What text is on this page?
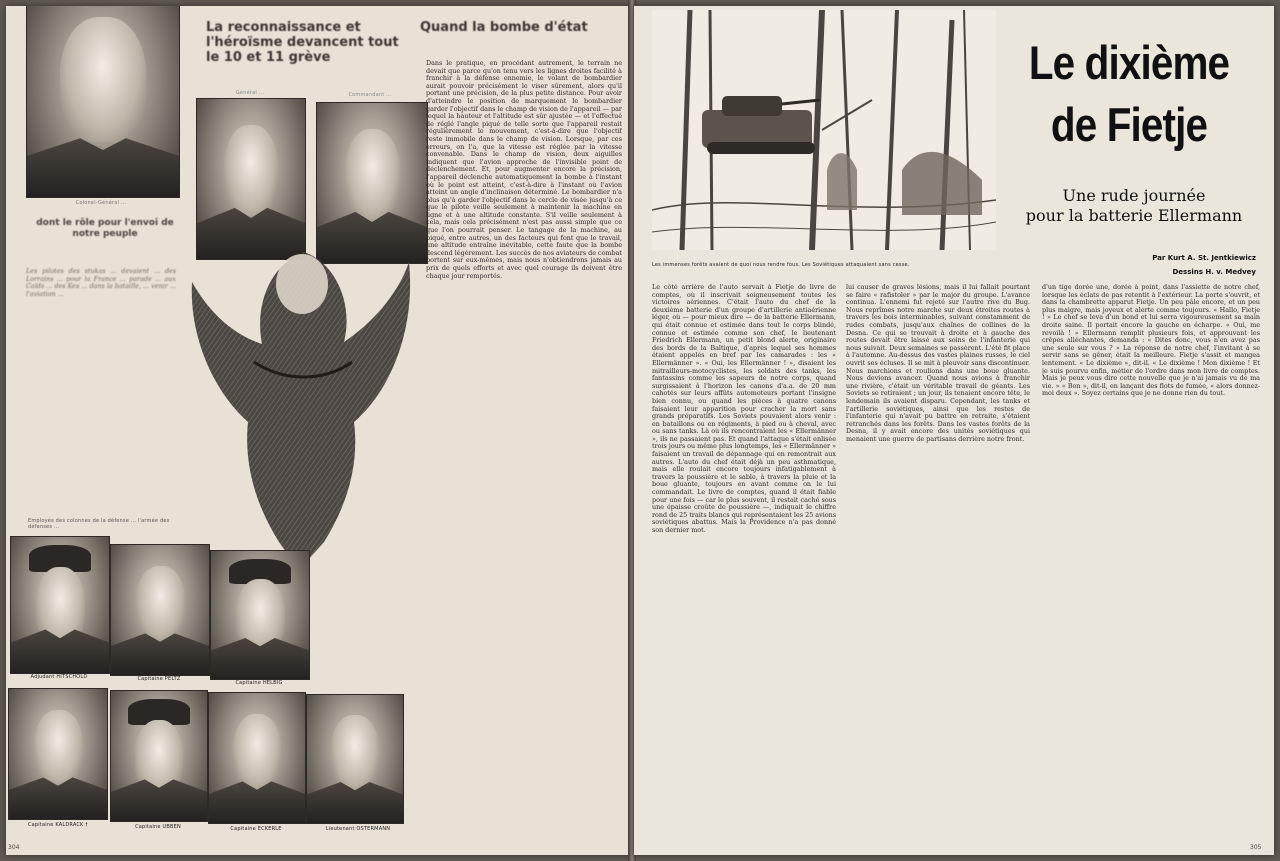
Colonel-Général ...
La reconnaissance et l'héroïsme devancent tout le 10 et 11 grève
Quand la bombe d'état
Général ...	Commandant ...
dont le rôle pour l'envoi de notre peuple
Les pilotes des stukas ... devaient ... des Lorrains ... pour la France ... parade ... aux Caïds ... des Kes ... dans la bataille, ... venir ... l'aviation ...
Employés des colonnes de la défense ... l'armée des défenses ...
Dans le pratique, en procédant autrement, le terrain ne devait que parce qu'on tenu vers les lignes droites facilité à franchir à la défense ennemie, le volant de bombardier aurait pouvoir précisément le viser sûrement, alors qu'il portant une précision, de la plus petite distance. Pour avoir d'atteindre le position de marquement le bombardier garder l'objectif dans le champ de vision de l'appareil — par lequel la hauteur et l'altitude est sûr ajustée — et l'effectué de réglé l'angle piqué de telle sorte que l'appareil restait régulièrement le mouvement, c'est-à-dire que l'objectif reste immobile dans le champ de vision. Lorsque, par ces erreurs, on l'a, que la vitesse est réglée par la vitesse convenable. Dans le champ de vision, deux aiguilles indiquent que l'avion approche de l'invisible point de déclenchement. Et, pour augmenter encore la précision, l'appareil déclenche automatiquement la bombe à l'instant où le point est atteint, c'est-à-dire à l'instant où l'avion atteint un angle d'inclinaison déterminé. Le bombardier n'a plus qu'à garder l'objectif dans le cercle de visée jusqu'à ce que le pilote veille seulement à maintenir la machine en ligne et à une altitude constante. S'il veille seulement à cela, mais cela précisément n'est pas aussi simple que ce que l'on pourrait penser. Le tangage de la machine, au piqué, entre autres, un des facteurs qui font que le travail, une altitude entraîne inévitable, cette faute que la bombe descend légèrement. Les succès de nos aviateurs de combat portent sur eux-mêmes, mais nous n'obtiendrons jamais au prix de quels efforts et avec quel courage ils doivent être chaque jour remportés.
Adjudant HITSCHOLD	Capitaine PELTZ
Capitaine HELBIG
Capitaine KALDRACK †	Capitaine UBBEN	Capitaine ECKERLE	Lieutenant OSTERMANN
304
Les immenses forêts avaient de quoi nous rendre fous. Les Soviétiques attaquaient sans cesse.
Le dixième
de Fietje
Une rude journée
pour la batterie Ellermann
Par Kurt A. St. Jentkiewicz
Dessins H. v. Medvey
Le côté arrière de l'auto servait à Fietje de livre de comptes, où il inscrivait soigneusement toutes les victoires aériennes. C'était l'auto du chef de la deuxième batterie d'un groupe d'artillerie antiaérienne léger, où — pour mieux dire — de la batterie Ellermann, qui était connue et estimée dans tout le corps blindé, connue et estimée comme son chef, le lieutenant Friedrich Ellermann, un petit blond alerte, originaire des bords de la Baltique, d'après lequel ses hommes étaient appelés en bref par les camarades : les « Ellermänner ». « Oui, les Ellermänner ! », disaient les mitrailleurs-motocyclistes, les soldats des tanks, les fantassins comme les sapeurs de notre corps, quand surgissaient à l'horizon les canons d'a.a. de 20 mm cahotés sur leurs affûts automoteurs portant l'insigne bien connu, ou quand les pièces à quatre canons faisaient leur apparition pour cracher la mort sans grands préparatifs. Les Soviets pouvaient alors venir : en bataillons ou en régiments, à pied ou à cheval, avec ou sans tanks. Là où ils rencontraient les « Ellermänner », ils ne passaient pas. Et quand l'attaque s'était enlisée trois jours ou même plus longtemps, les « Ellermänner » faisaient un travail de dépannage qui en remontrait aux autres. L'auto du chef était déjà un peu asthmatique, mais elle roulait encore toujours infatigablement à travers la poussière et le sable, à travers la pluie et la boue gluante, toujours en avant comme on le lui commandait. Le livre de comptes, quand il était fiable pour une fois — car le plus souvent, il restait caché sous une épaisse croûte de poussière —, indiquait le chiffre rond de 25 traits blancs qui représentaient les 25 avions soviétiques abattus. Mais la Providence n'a pas donné son dernier mot.
lui causer de graves lésions, mais il lui fallait pourtant se faire « rafistoler » par le major du groupe. L'avance continua. L'ennemi fut rejeté sur l'autre rive du Bug. Nous reprîmes notre marche sur deux étroites routes à travers les bois interminables, suivant constamment de rudes combats, jusqu'aux chaînes de collines de la Desna. Ce qui se trouvait à droite et à gauche des routes devait être laissé aux soins de l'infanterie qui nous suivait. Deux semaines se passèrent. L'été fit place à l'automne. Au-dessus des vastes plaines russes, le ciel ouvrit ses écluses. Il se mit à pleuvoir sans discontinuer. Nous marchions et roulions dans une boue gluante. Nous devions avancer. Quand nous avions à franchir une rivière, c'était un véritable travail de géants. Les Soviets se retiraient ; un jour, ils tenaient encore tête, le lendemain ils avaient disparu. Cependant, les tanks et l'artillerie soviétiques, ainsi que les restes de l'infanterie qui n'avait pu battre en retraite, s'étaient retranchés dans les forêts. Dans les vastes forêts de la Desna, il y avait encore des unités soviétiques qui menaient une guerre de partisans derrière notre front.
d'un tige dorée une, dorée à point, dans l'assiette de notre chef, lorsque les éclats de pas retentit à l'extérieur. La porte s'ouvrit, et dans la chambrette apparut Fietje. Un peu pâle encore, et un peu plus maigre, mais joyeux et alerte comme toujours. « Hallo, Fietje ! » Le chef se leva d'un bond et lui serra vigoureusement sa main droite saine. Il portait encore la gauche en écharpe. « Oui, me revoilà ! » Ellermann remplit plusieurs fois, et approuvant les crêpes alléchantes, demanda : « Dites donc, vous n'en avez pas une seule sur vous ? » La réponse de notre chef, l'invitant à se servir sans se gêner, était la meilleure. Fietje s'assit et mangea lentement. « Le dixième », dit-il. « Le dixième ! Mon dixième ! Et je suis pourvu enfin, métier de l'ordre dans mon livre de comptes. Mais je peux vous dire cette nouvelle que je n'ai jamais vu de ma vie. » « Bon », dit-il, en lançant des flots de fumée, « alors donnez-moi deux ». Soyez certains que je ne donne rien du tout.
305
